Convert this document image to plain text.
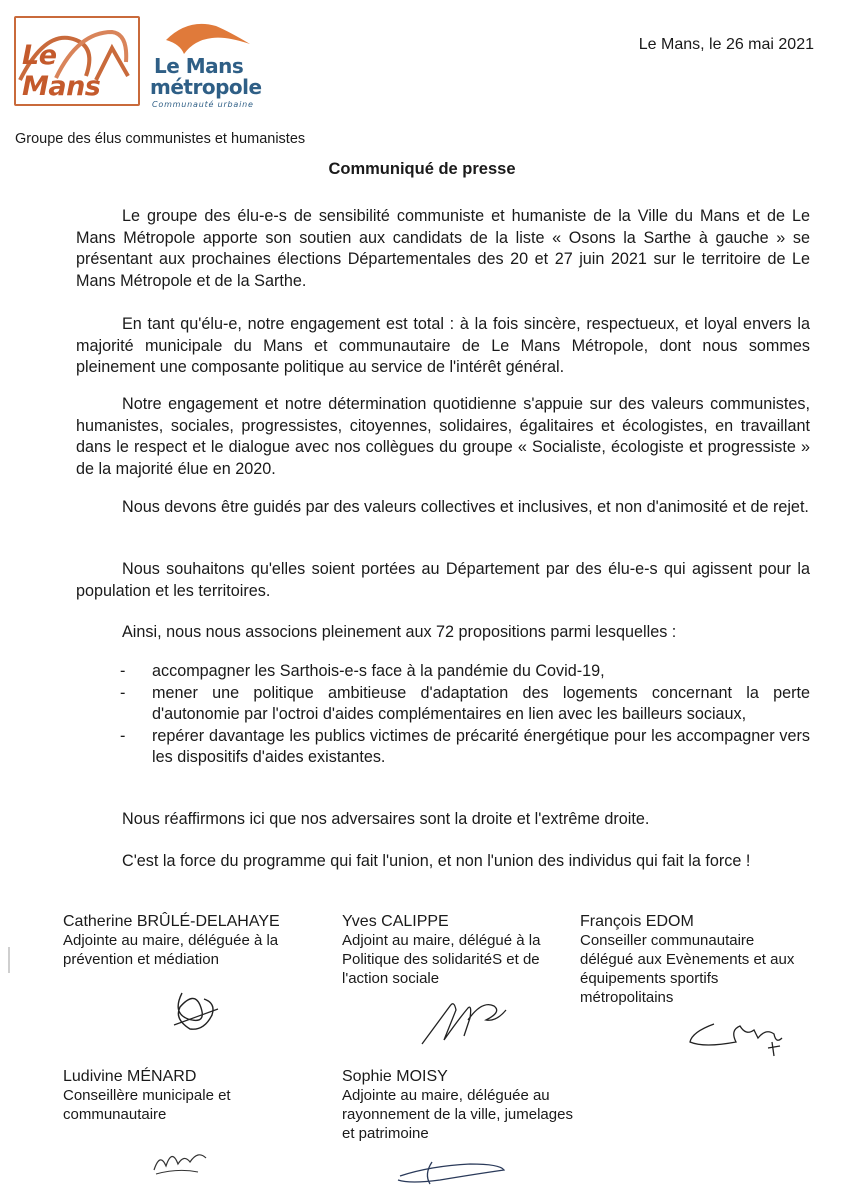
Le Mans
Le Mans
métropole
Communauté urbaine
Le Mans, le 26 mai 2021
Groupe des élus communistes et humanistes
Communiqué de presse
Le groupe des élu-e-s de sensibilité communiste et humaniste de la Ville du Mans et de Le Mans Métropole apporte son soutien aux candidats de la liste « Osons la Sarthe à gauche » se présentant aux prochaines élections Départementales des 20 et 27 juin 2021 sur le territoire de Le Mans Métropole et de la Sarthe.
En tant qu'élu-e, notre engagement est total : à la fois sincère, respectueux, et loyal envers la majorité municipale du Mans et communautaire de Le Mans Métropole, dont nous sommes pleinement une composante politique au service de l'intérêt général.
Notre engagement et notre détermination quotidienne s'appuie sur des valeurs communistes, humanistes, sociales, progressistes, citoyennes, solidaires, égalitaires et écologistes, en travaillant dans le respect et le dialogue avec nos collègues du groupe « Socialiste, écologiste et progressiste » de la majorité élue en 2020.
Nous devons être guidés par des valeurs collectives et inclusives, et non d'animosité et de rejet.
Nous souhaitons qu'elles soient portées au Département par des élu-e-s qui agissent pour la population et les territoires.
Ainsi, nous nous associons pleinement aux 72 propositions parmi lesquelles :
- accompagner les Sarthois-e-s face à la pandémie du Covid-19,
- mener une politique ambitieuse d'adaptation des logements concernant la perte d'autonomie par l'octroi d'aides complémentaires en lien avec les bailleurs sociaux,
- repérer davantage les publics victimes de précarité énergétique pour les accompagner vers les dispositifs d'aides existantes.
Nous réaffirmons ici que nos adversaires sont la droite et l'extrême droite.
C'est la force du programme qui fait l'union, et non l'union des individus qui fait la force !
Catherine BRÛLÉ-DELAHAYE
Adjointe au maire, déléguée à la prévention et médiation
Yves CALIPPE
Adjoint au maire, délégué à la Politique des solidaritéS et de l'action sociale
François EDOM
Conseiller communautaire délégué aux Evènements et aux équipements sportifs métropolitains
Ludivine MÉNARD
Conseillère municipale et communautaire
Sophie MOISY
Adjointe au maire, déléguée au rayonnement de la ville, jumelages et patrimoine
